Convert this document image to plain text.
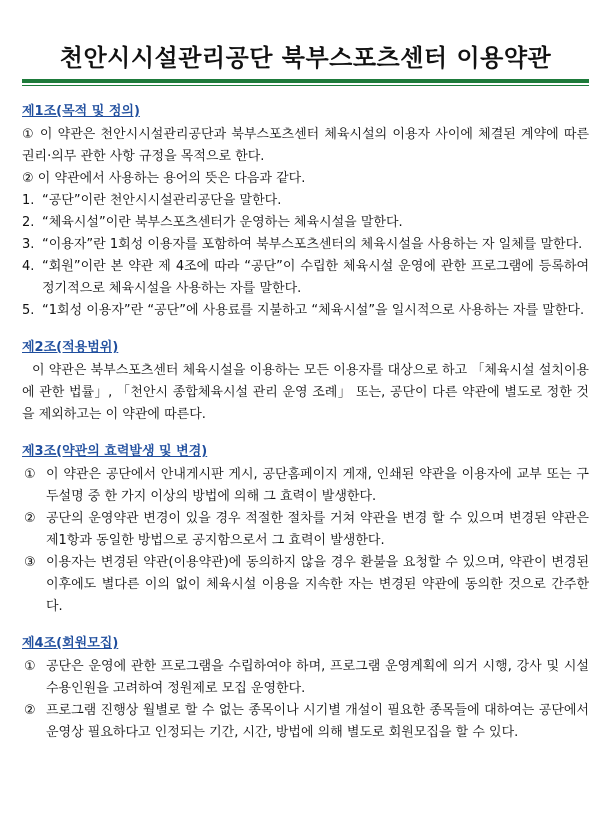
천안시시설관리공단 북부스포츠센터 이용약관
제1조(목적 및 정의)
① 이 약관은 천안시시설관리공단과 북부스포츠센터 체육시설의 이용자 사이에 체결된 계약에 따른 권리·의무 관한 사항 규정을 목적으로 한다.
② 이 약관에서 사용하는 용어의 뜻은 다음과 같다.
1. “공단”이란 천안시시설관리공단을 말한다.
2. “체육시설”이란 북부스포츠센터가 운영하는 체육시설을 말한다.
3. “이용자”란 1회성 이용자를 포함하여 북부스포츠센터의 체육시설을 사용하는 자 일체를 말한다.
4. “회원”이란 본 약관 제 4조에 따라 “공단”이 수립한 체육시설 운영에 관한 프로그램에 등록하여 정기적으로 체육시설을 사용하는 자를 말한다.
5. “1회성 이용자”란 “공단”에 사용료를 지불하고 “체육시설”을 일시적으로 사용하는 자를 말한다.
제2조(적용범위)
이 약관은 북부스포츠센터 체육시설을 이용하는 모든 이용자를 대상으로 하고 「체육시설 설치이용에 관한 법률」, 「천안시 종합체육시설 관리 운영 조례」 또는, 공단이 다른 약관에 별도로 정한 것을 제외하고는 이 약관에 따른다.
제3조(약관의 효력발생 및 변경)
① 이 약관은 공단에서 안내게시판 게시, 공단홈페이지 게재, 인쇄된 약관을 이용자에 교부 또는 구두설명 중 한 가지 이상의 방법에 의해 그 효력이 발생한다.
② 공단의 운영약관 변경이 있을 경우 적절한 절차를 거쳐 약관을 변경 할 수 있으며 변경된 약관은 제1항과 동일한 방법으로 공지함으로서 그 효력이 발생한다.
③ 이용자는 변경된 약관(이용약관)에 동의하지 않을 경우 환불을 요청할 수 있으며, 약관이 변경된 이후에도 별다른 이의 없이 체육시설 이용을 지속한 자는 변경된 약관에 동의한 것으로 간주한다.
제4조(회원모집)
① 공단은 운영에 관한 프로그램을 수립하여야 하며, 프로그램 운영계획에 의거 시행, 강사 및 시설 수용인원을 고려하여 정원제로 모집 운영한다.
② 프로그램 진행상 월별로 할 수 없는 종목이나 시기별 개설이 필요한 종목들에 대하여는 공단에서 운영상 필요하다고 인정되는 기간, 시간, 방법에 의해 별도로 회원모집을 할 수 있다.
